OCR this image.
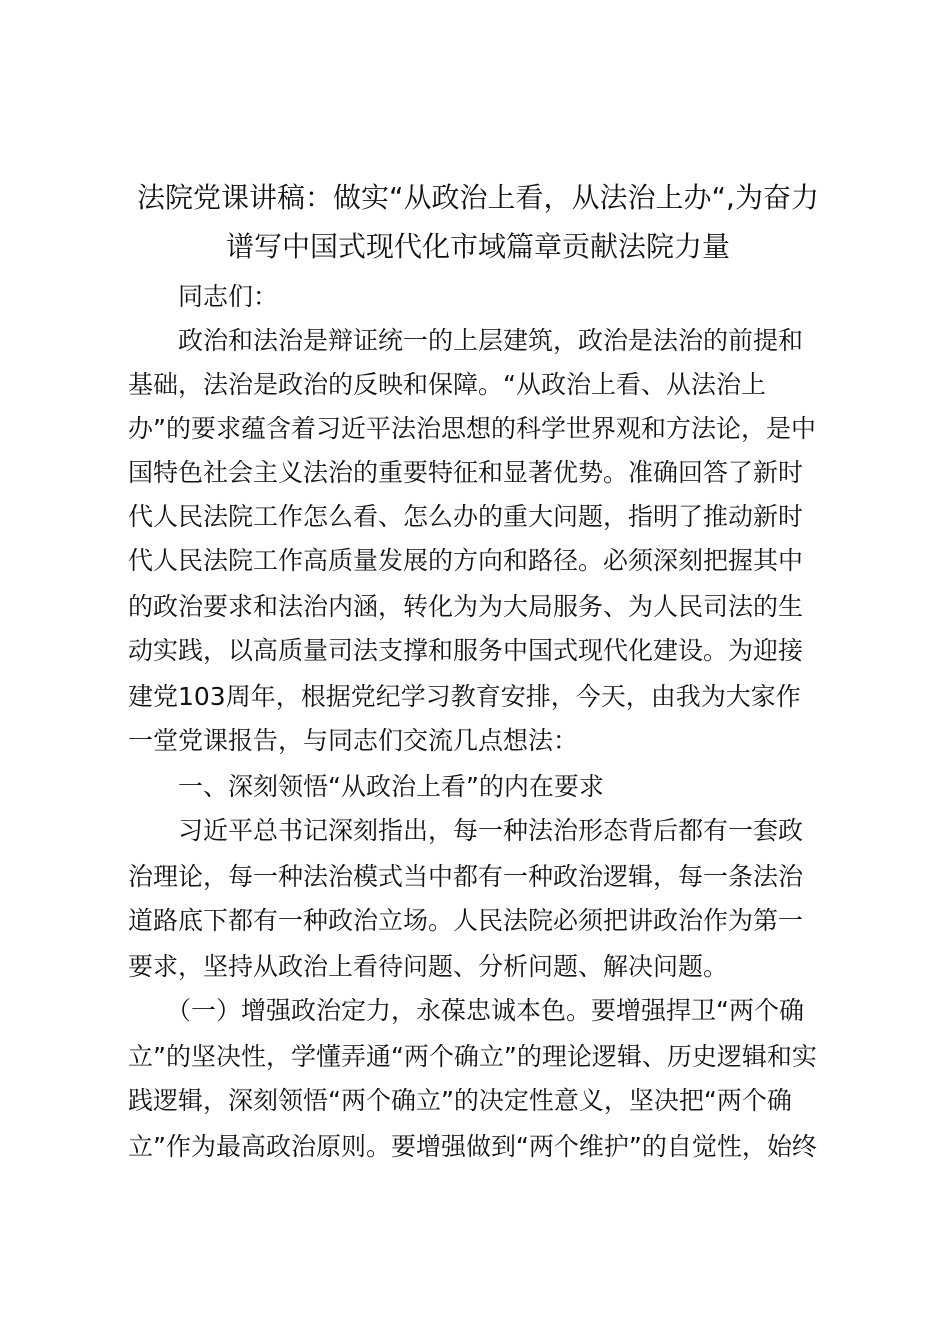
法院党课讲稿：做实“从政治上看，从法治上办“,为奋力
谱写中国式现代化市域篇章贡献法院力量
同志们：
政治和法治是辩证统一的上层建筑，政治是法治的前提和
基础，法治是政治的反映和保障。“从政治上看、从法治上
办”的要求蕴含着习近平法治思想的科学世界观和方法论，是中
国特色社会主义法治的重要特征和显著优势。准确回答了新时
代人民法院工作怎么看、怎么办的重大问题，指明了推动新时
代人民法院工作高质量发展的方向和路径。必须深刻把握其中
的政治要求和法治内涵，转化为为大局服务、为人民司法的生
动实践，以高质量司法支撑和服务中国式现代化建设。为迎接
建党103周年，根据党纪学习教育安排，今天，由我为大家作
一堂党课报告，与同志们交流几点想法：
一、深刻领悟“从政治上看”的内在要求
习近平总书记深刻指出，每一种法治形态背后都有一套政
治理论，每一种法治模式当中都有一种政治逻辑，每一条法治
道路底下都有一种政治立场。人民法院必须把讲政治作为第一
要求，坚持从政治上看待问题、分析问题、解决问题。
（一）增强政治定力，永葆忠诚本色。要增强捍卫“两个确
立”的坚决性，学懂弄通“两个确立”的理论逻辑、历史逻辑和实
践逻辑，深刻领悟“两个确立”的决定性意义，坚决把“两个确
立”作为最高政治原则。要增强做到“两个维护”的自觉性，始终
